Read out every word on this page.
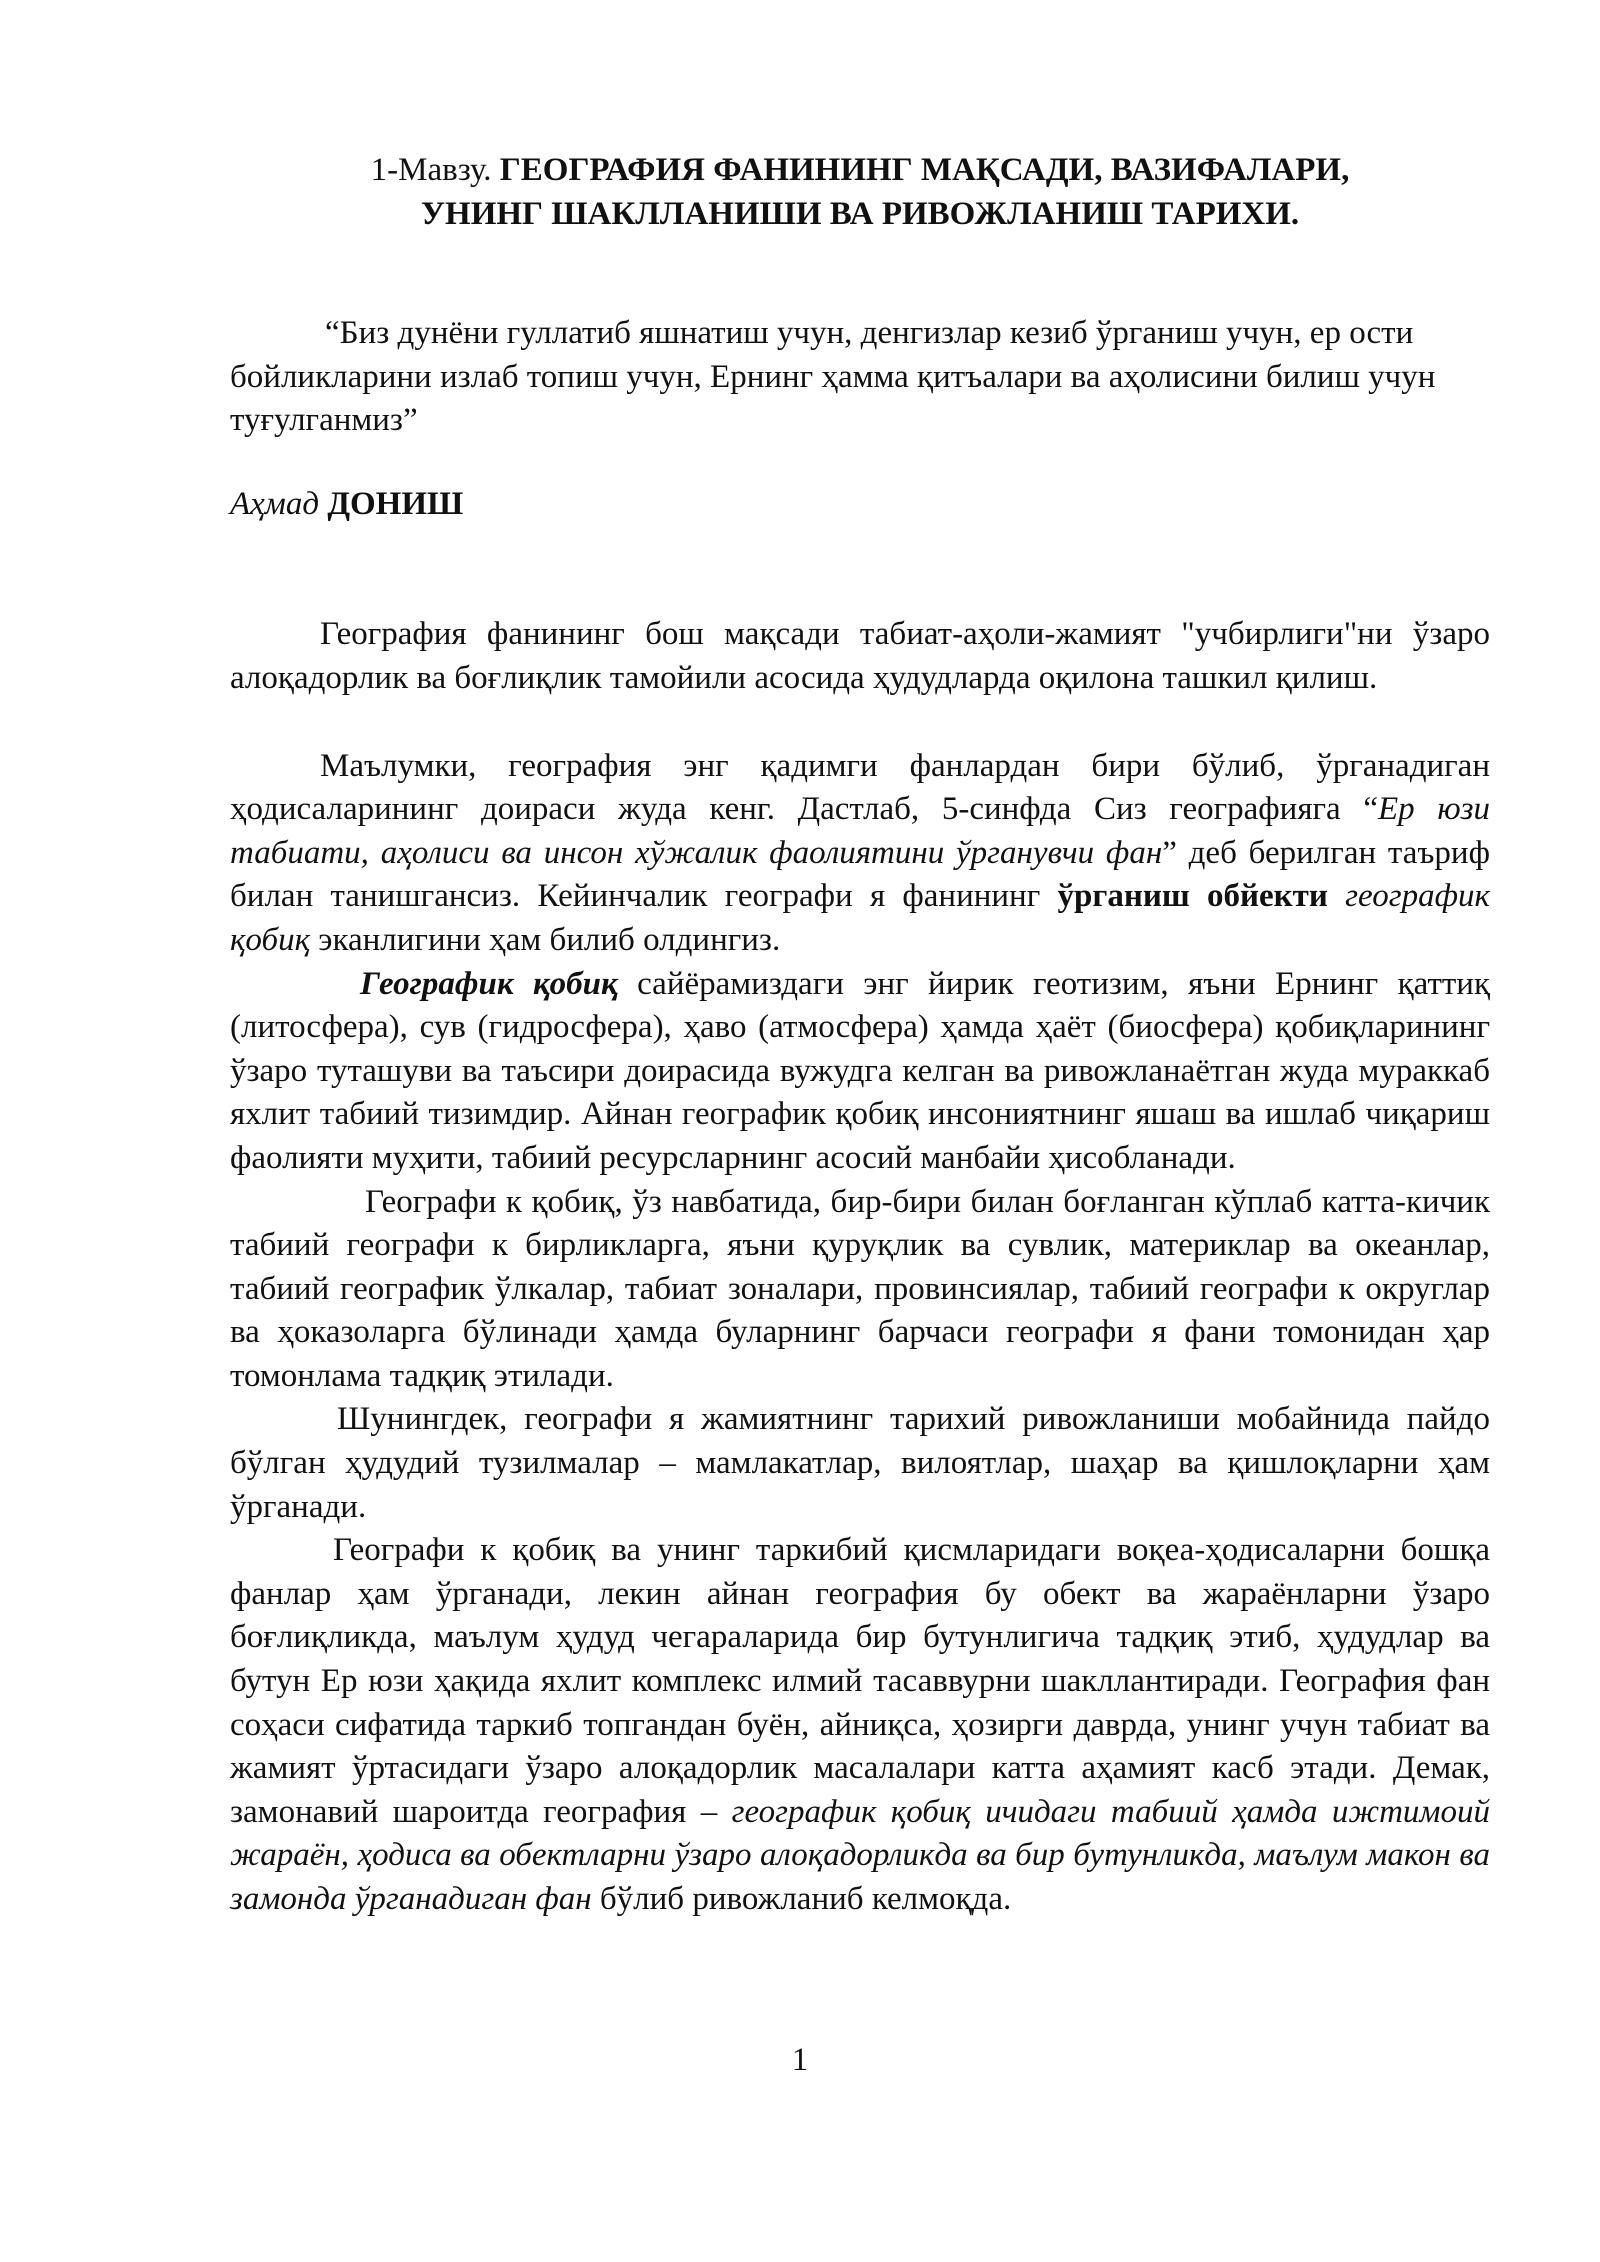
1-Мавзу. ГЕОГРАФИЯ ФАНИНИНГ МАҚСАДИ, ВАЗИФАЛАРИ,
УНИНГ ШАКЛЛАНИШИ ВА РИВОЖЛАНИШ ТАРИХИ.

“Биз дунёни гуллатиб яшнатиш учун, денгизлар кезиб ўрганиш учун, ер ости бойликларини излаб топиш учун, Ернинг ҳамма қитъалари ва аҳолисини билиш учун туғулганмиз”

Аҳмад ДОНИШ

География фанининг бош мақсади табиат-аҳоли-жамият "учбирлиги"ни ўзаро алоқадорлик ва боғлиқлик тамойили асосида ҳудудларда оқилона ташкил қилиш.

Маълумки, география энг қадимги фанлардан бири бўлиб, ўрганадиган ҳодисаларининг доираси жуда кенг. Дастлаб, 5-синфда Сиз географияга “Ер юзи табиати, аҳолиси ва инсон хўжалик фаолиятини ўрганувчи фан” деб берилган таъриф билан танишгансиз. Кейинчалик географи я фанининг ўрганиш обйекти географик қобиқ эканлигини ҳам билиб олдингиз.

Географик қобиқ сайёрамиздаги энг йирик геотизим, яъни Ернинг қаттиқ (литосфера), сув (гидросфера), ҳаво (атмосфера) ҳамда ҳаёт (биосфера) қобиқларининг ўзаро туташуви ва таъсири доирасида вужудга келган ва ривожланаётган жуда мураккаб яхлит табиий тизимдир. Айнан географик қобиқ инсониятнинг яшаш ва ишлаб чиқариш фаолияти муҳити, табиий ресурсларнинг асосий манбайи ҳисобланади.

Географи к қобиқ, ўз навбатида, бир-бири билан боғланган кўплаб катта-кичик табиий географи к бирликларга, яъни қуруқлик ва сувлик, материклар ва океанлар, табиий географик ўлкалар, табиат зоналари, провинсиялар, табиий географи к округлар ва ҳоказоларга бўлинади ҳамда буларнинг барчаси географи я фани томонидан ҳар томонлама тадқиқ этилади.

Шунингдек, географи я жамиятнинг тарихий ривожланиши мобайнида пайдо бўлган ҳудудий тузилмалар – мамлакатлар, вилоятлар, шаҳар ва қишлоқларни ҳам ўрганади.

Географи к қобиқ ва унинг таркибий қисмларидаги воқеа-ҳодисаларни бошқа фанлар ҳам ўрганади, лекин айнан география бу обект ва жараёнларни ўзаро боғлиқликда, маълум ҳудуд чегараларида бир бутунлигича тадқиқ этиб, ҳудудлар ва бутун Ер юзи ҳақида яхлит комплекс илмий тасаввурни шакллантиради. География фан соҳаси сифатида таркиб топгандан буён, айниқса, ҳозирги даврда, унинг учун табиат ва жамият ўртасидаги ўзаро алоқадорлик масалалари катта аҳамият касб этади. Демак, замонавий шароитда география – географик қобиқ ичидаги табиий ҳамда ижтимоий жараён, ҳодиса ва обектларни ўзаро алоқадорликда ва бир бутунликда, маълум макон ва замонда ўрганадиган фан бўлиб ривожланиб келмоқда.

1
